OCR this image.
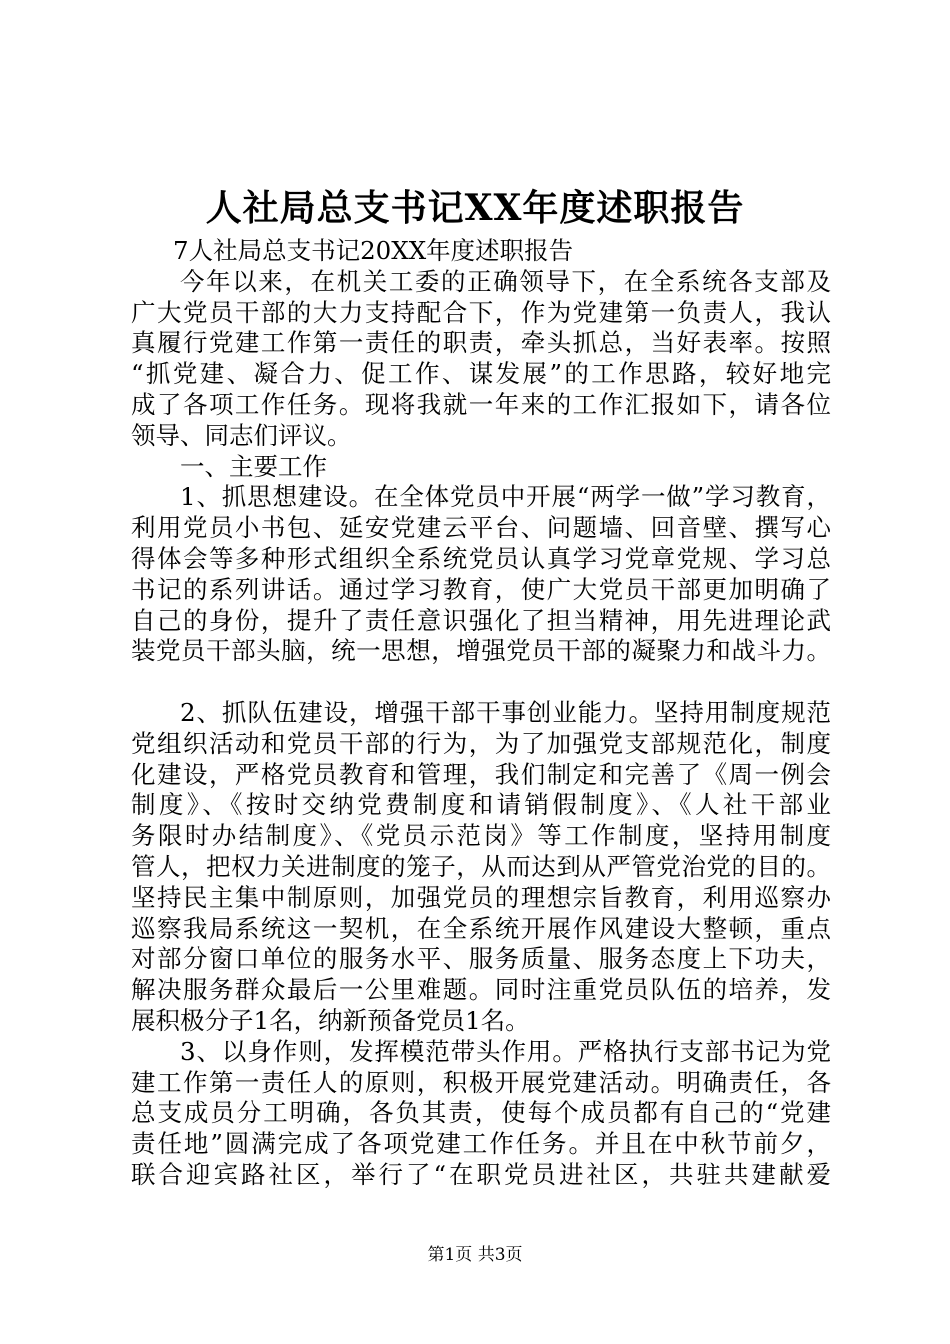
人社局总支书记XX年度述职报告
7人社局总支书记20XX年度述职报告
今年以来，在机关工委的正确领导下，在全系统各支部及
广大党员干部的大力支持配合下，作为党建第一负责人，我认
真履行党建工作第一责任的职责，牵头抓总，当好表率。按照
“抓党建、凝合力、促工作、谋发展”的工作思路，较好地完
成了各项工作任务。现将我就一年来的工作汇报如下，请各位
领导、同志们评议。
一、主要工作
1、抓思想建设。在全体党员中开展“两学一做”学习教育，
利用党员小书包、延安党建云平台、问题墙、回音壁、撰写心
得体会等多种形式组织全系统党员认真学习党章党规、学习总
书记的系列讲话。通过学习教育，使广大党员干部更加明确了
自己的身份，提升了责任意识强化了担当精神，用先进理论武
装党员干部头脑，统一思想，增强党员干部的凝聚力和战斗力。
2、抓队伍建设，增强干部干事创业能力。坚持用制度规范
党组织活动和党员干部的行为，为了加强党支部规范化，制度
化建设，严格党员教育和管理，我们制定和完善了《周一例会
制度》、《按时交纳党费制度和请销假制度》、《人社干部业
务限时办结制度》、《党员示范岗》等工作制度，坚持用制度
管人，把权力关进制度的笼子，从而达到从严管党治党的目的。
坚持民主集中制原则，加强党员的理想宗旨教育，利用巡察办
巡察我局系统这一契机，在全系统开展作风建设大整顿，重点
对部分窗口单位的服务水平、服务质量、服务态度上下功夫，
解决服务群众最后一公里难题。同时注重党员队伍的培养，发
展积极分子1名，纳新预备党员1名。
3、以身作则，发挥模范带头作用。严格执行支部书记为党
建工作第一责任人的原则，积极开展党建活动。明确责任，各
总支成员分工明确，各负其责，使每个成员都有自己的“党建
责任地”圆满完成了各项党建工作任务。并且在中秋节前夕，
联合迎宾路社区，举行了“在职党员进社区，共驻共建献爱
第1页 共3页
